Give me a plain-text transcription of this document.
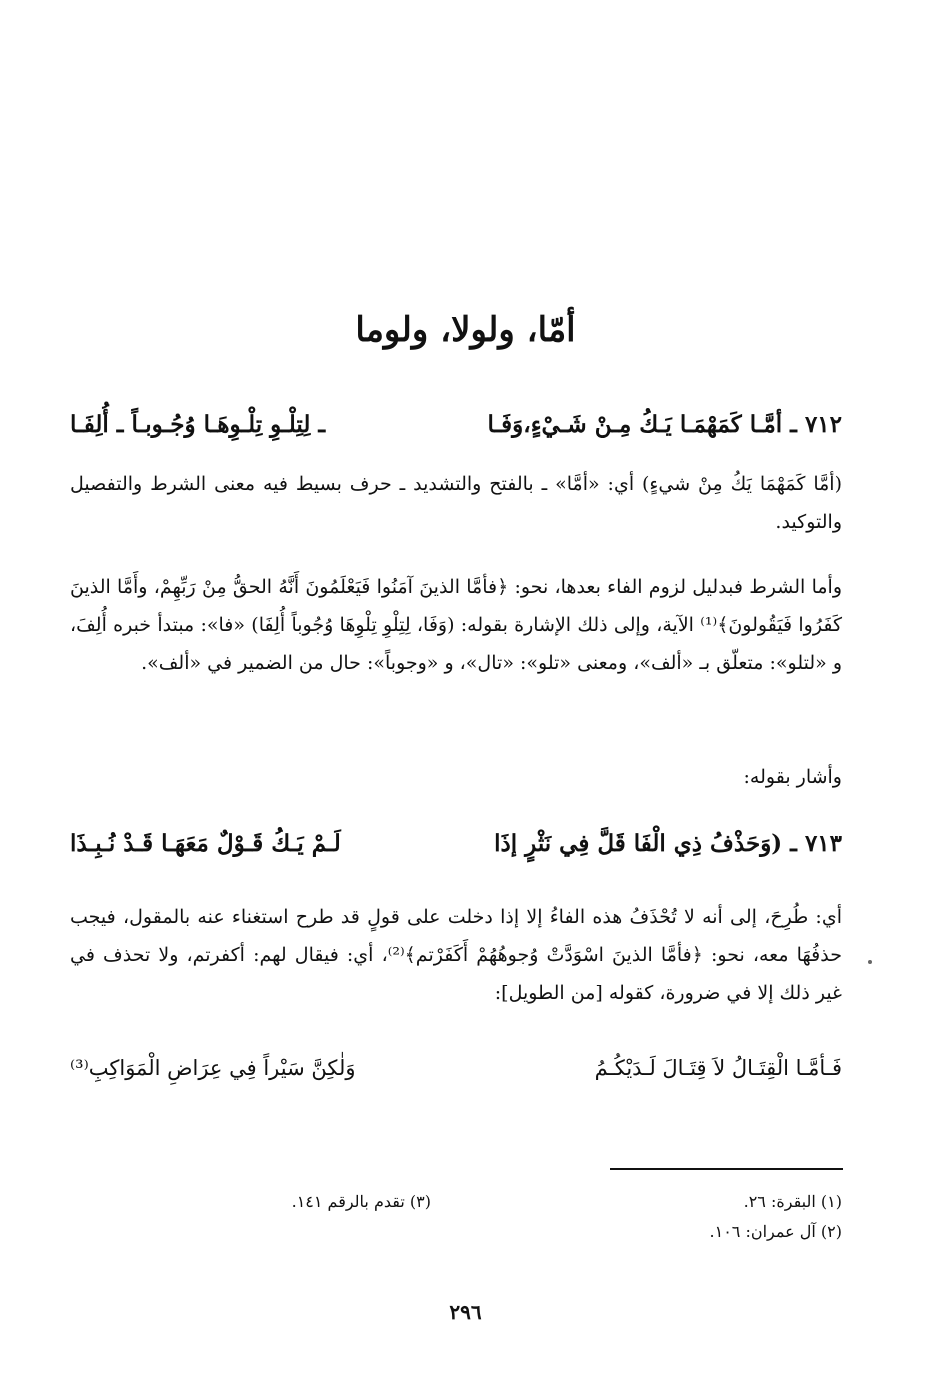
أمّا، ولولا، ولوما
٧١٢ ـ أمَّـا كَمَهْمَـا يَـكُ مِـنْ شَـيْءٍ،وَفَـا
ـ لِتِلْـوِ تِلْـوِهَـا وُجُـوبـاً ـ أُلِفَـا
(أمَّا كَمَهْمَا يَكُ مِنْ شيءٍ) أي: «أمَّا» ـ بالفتح والتشديد ـ حرف بسيط فيه معنى الشرط والتفصيل والتوكيد.
وأما الشرط فبدليل لزوم الفاء بعدها، نحو: ﴿فأمَّا الذينَ آمَنُوا فَيَعْلَمُونَ أَنَّهُ الحقُّ مِنْ رَبِّهِمْ، وأَمَّا الذينَ كَفَرُوا فَيَقُولونَ﴾⁽¹⁾ الآية، وإلى ذلك الإشارة بقوله: (وَفَا، لِتِلْوِ تِلْوِهَا وُجُوباً أُلِفَا) «فا»: مبتدأ خبره أُلِفَ، و «لتلو»: متعلّق بـ «ألف»، ومعنى «تلو»: «تال»، و «وجوباً»: حال من الضمير في «ألف».
وأشار بقوله:
٧١٣ ـ (وَحَذْفُ ذِي الْفَا قَلَّ فِي نَثْرٍ إذَا
لَـمْ يَـكُ قَـوْلٌ مَعَهَـا قَـدْ نُـبِـذَا
أي: طُرِحَ، إلى أنه لا تُحْذَفُ هذه الفاءُ إلا إذا دخلت على قولٍ قد طرح استغناء عنه بالمقول، فيجب حذفُهَا معه، نحو: ﴿فأمَّا الذينَ اسْوَدَّتْ وُجوهُهُمْ أَكَفَرْتم﴾⁽²⁾، أي: فيقال لهم: أكفرتم، ولا تحذف في غير ذلك إلا في ضرورة، كقوله [من الطويل]:
فَـأمَّـا الْقِتَـالُ لاَ قِتَـالَ لَـدَيْكُـمُ
وَلٰكِنَّ سَيْراً فِي عِرَاضِ الْمَوَاكِبِ⁽³⁾
(١) البقرة: ٢٦.
(٢) آل عمران: ١٠٦.
(٣) تقدم بالرقم ١٤١.
٢٩٦
